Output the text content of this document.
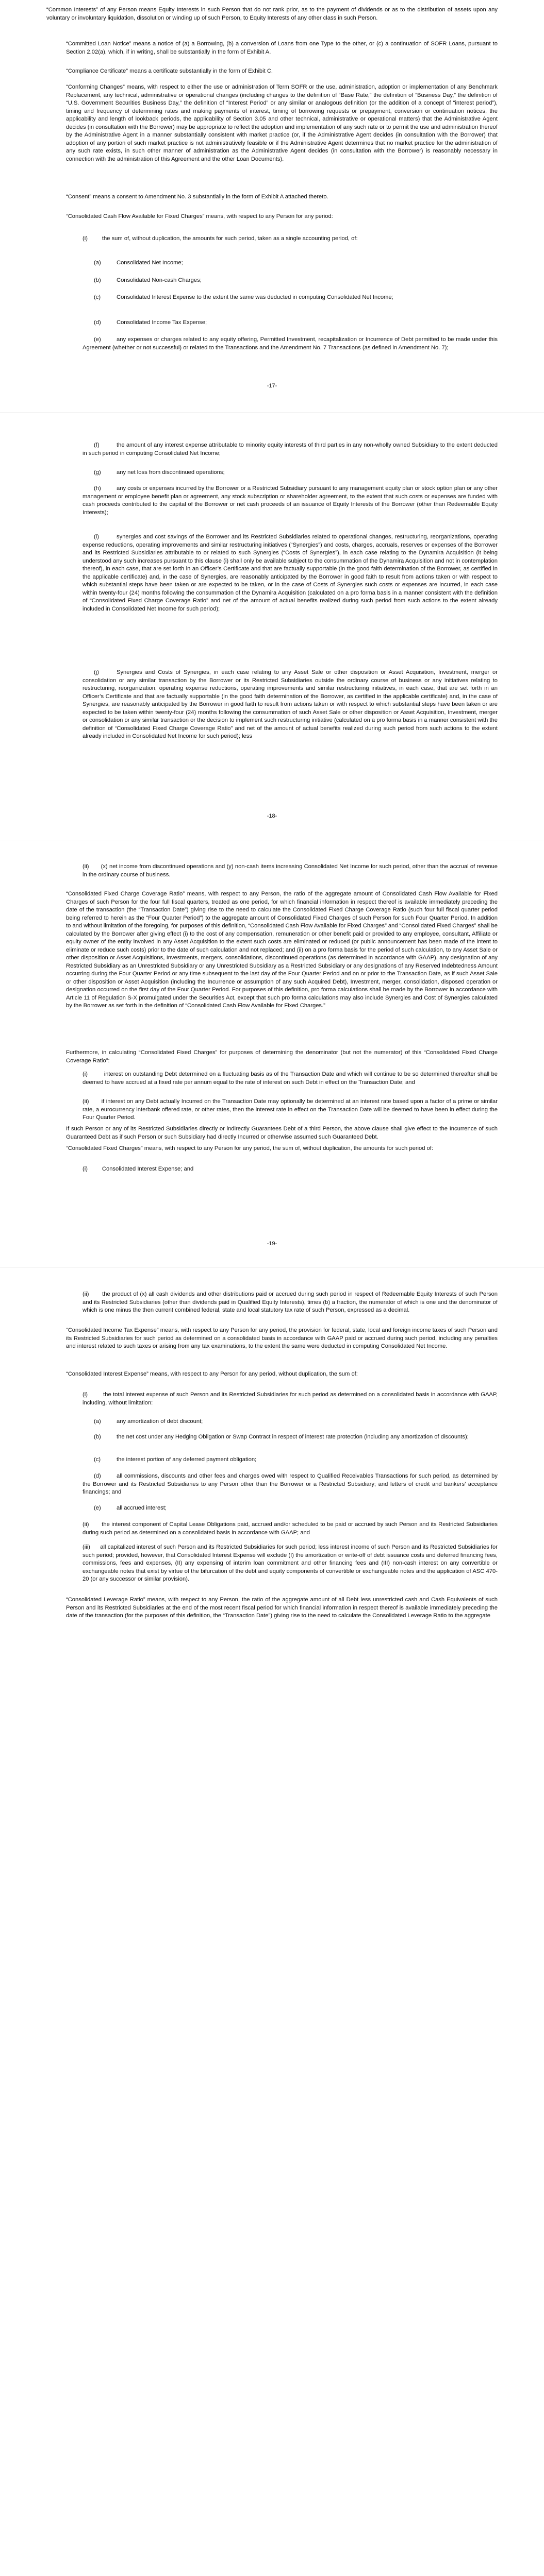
“Common Interests” of any Person means Equity Interests in such Person that do not rank prior, as to the payment of dividends or as to the distribution of assets upon any voluntary or involuntary liquidation, dissolution or winding up of such Person, to Equity Interests of any other class in such Person.

“Committed Loan Notice” means a notice of (a) a Borrowing, (b) a conversion of Loans from one Type to the other, or (c) a continuation of SOFR Loans, pursuant to Section 2.02(a), which, if in writing, shall be substantially in the form of Exhibit A.

“Compliance Certificate” means a certificate substantially in the form of Exhibit C.

“Conforming Changes” means, with respect to either the use or administration of Term SOFR or the use, administration, adoption or implementation of any Benchmark Replacement, any technical, administrative or operational changes (including changes to the definition of “Base Rate,” the definition of “Business Day,” the definition of “U.S. Government Securities Business Day,” the definition of “Interest Period” or any similar or analogous definition (or the addition of a concept of “interest period”), timing and frequency of determining rates and making payments of interest, timing of borrowing requests or prepayment, conversion or continuation notices, the applicability and length of lookback periods, the applicability of Section 3.05 and other technical, administrative or operational matters) that the Administrative Agent decides (in consultation with the Borrower) may be appropriate to reflect the adoption and implementation of any such rate or to permit the use and administration thereof by the Administrative Agent in a manner substantially consistent with market practice (or, if the Administrative Agent decides (in consultation with the Borrower) that adoption of any portion of such market practice is not administratively feasible or if the Administrative Agent determines that no market practice for the administration of any such rate exists, in such other manner of administration as the Administrative Agent decides (in consultation with the Borrower) is reasonably necessary in connection with the administration of this Agreement and the other Loan Documents).

“Consent” means a consent to Amendment No. 3 substantially in the form of Exhibit A attached thereto.

“Consolidated Cash Flow Available for Fixed Charges” means, with respect to any Person for any period:

(i)         the sum of, without duplication, the amounts for such period, taken as a single accounting period, of:

(a)	Consolidated Net Income;
(b)	Consolidated Non-cash Charges;
(c)	Consolidated Interest Expense to the extent the same was deducted in computing Consolidated Net Income;

(d)	Consolidated Income Tax Expense;
(e)	any expenses or charges related to any equity offering, Permitted Investment, recapitalization or Incurrence of Debt permitted to be made under this Agreement (whether or not successful) or related to the Transactions and the Amendment No. 7 Transactions (as defined in Amendment No. 7);

-17-
(f)	the amount of any interest expense attributable to minority equity interests of third parties in any non-wholly owned Subsidiary to the extent deducted in such period in computing Consolidated Net Income;

(g)	any net loss from discontinued operations;
(h)	any costs or expenses incurred by the Borrower or a Restricted Subsidiary pursuant to any management equity plan or stock option plan or any other management or employee benefit plan or agreement, any stock subscription or shareholder agreement, to the extent that such costs or expenses are funded with cash proceeds contributed to the capital of the Borrower or net cash proceeds of an issuance of Equity Interests of the Borrower (other than Redeemable Equity Interests);

(i)	synergies and cost savings of the Borrower and its Restricted Subsidiaries related to operational changes, restructuring, reorganizations, operating expense reductions, operating improvements and similar restructuring initiatives (“Synergies”) and costs, charges, accruals, reserves or expenses of the Borrower and its Restricted Subsidiaries attributable to or related to such Synergies (“Costs of Synergies”), in each case relating to the Dynamira Acquisition (it being understood any such increases pursuant to this clause (i) shall only be available subject to the consummation of the Dynamira Acquisition and not in contemplation thereof), in each case, that are set forth in an Officer’s Certificate and that are factually supportable (in the good faith determination of the Borrower, as certified in the applicable certificate) and, in the case of Synergies, are reasonably anticipated by the Borrower in good faith to result from actions taken or with respect to which substantial steps have been taken or are expected to be taken, or in the case of Costs of Synergies such costs or expenses are incurred, in each case within twenty-four (24) months following the consummation of the Dynamira Acquisition (calculated on a pro forma basis in a manner consistent with the definition of “Consolidated Fixed Charge Coverage Ratio” and net of the amount of actual benefits realized during such period from such actions to the extent already included in Consolidated Net Income for such period);

(j)	Synergies and Costs of Synergies, in each case relating to any Asset Sale or other disposition or Asset Acquisition, Investment, merger or consolidation or any similar transaction by the Borrower or its Restricted Subsidiaries outside the ordinary course of business or any initiatives relating to restructuring, reorganization, operating expense reductions, operating improvements and similar restructuring initiatives, in each case, that are set forth in an Officer’s Certificate and that are factually supportable (in the good faith determination of the Borrower, as certified in the applicable certificate) and, in the case of Synergies, are reasonably anticipated by the Borrower in good faith to result from actions taken or with respect to which substantial steps have been taken or are expected to be taken within twenty-four (24) months following the consummation of such Asset Sale or other disposition or Asset Acquisition, Investment, merger or consolidation or any similar transaction or the decision to implement such restructuring initiative (calculated on a pro forma basis in a manner consistent with the definition of “Consolidated Fixed Charge Coverage Ratio” and net of the amount of actual benefits realized during such period from such actions to the extent already included in Consolidated Net Income for such period); less

-18-

(ii)       (x) net income from discontinued operations and (y) non-cash items increasing Consolidated Net Income for such period, other than the accrual of revenue in the ordinary course of business.

“Consolidated Fixed Charge Coverage Ratio” means, with respect to any Person, the ratio of the aggregate amount of Consolidated Cash Flow Available for Fixed Charges of such Person for the four full fiscal quarters, treated as one period, for which financial information in respect thereof is available immediately preceding the date of the transaction (the “Transaction Date”) giving rise to the need to calculate the Consolidated Fixed Charge Coverage Ratio (such four full fiscal quarter period being referred to herein as the “Four Quarter Period”) to the aggregate amount of Consolidated Fixed Charges of such Person for such Four Quarter Period. In addition to and without limitation of the foregoing, for purposes of this definition, “Consolidated Cash Flow Available for Fixed Charges” and “Consolidated Fixed Charges” shall be calculated by the Borrower after giving effect (i) to the cost of any compensation, remuneration or other benefit paid or provided to any employee, consultant, Affiliate or equity owner of the entity involved in any Asset Acquisition to the extent such costs are eliminated or reduced (or public announcement has been made of the intent to eliminate or reduce such costs) prior to the date of such calculation and not replaced; and (ii) on a pro forma basis for the period of such calculation, to any Asset Sale or other disposition or Asset Acquisitions, Investments, mergers, consolidations, discontinued operations (as determined in accordance with GAAP), any designation of any Restricted Subsidiary as an Unrestricted Subsidiary or any Unrestricted Subsidiary as a Restricted Subsidiary or any designations of any Reserved Indebtedness Amount occurring during the Four Quarter Period or any time subsequent to the last day of the Four Quarter Period and on or prior to the Transaction Date, as if such Asset Sale or other disposition or Asset Acquisition (including the Incurrence or assumption of any such Acquired Debt), Investment, merger, consolidation, disposed operation or designation occurred on the first day of the Four Quarter Period. For purposes of this definition, pro forma calculations shall be made by the Borrower in accordance with Article 11 of Regulation S-X promulgated under the Securities Act, except that such pro forma calculations may also include Synergies and Cost of Synergies calculated by the Borrower as set forth in the definition of “Consolidated Cash Flow Available for Fixed Charges.”

Furthermore, in calculating “Consolidated Fixed Charges” for purposes of determining the denominator (but not the numerator) of this “Consolidated Fixed Charge Coverage Ratio”:

(i)         interest on outstanding Debt determined on a fluctuating basis as of the Transaction Date and which will continue to be so determined thereafter shall be deemed to have accrued at a fixed rate per annum equal to the rate of interest on such Debt in effect on the Transaction Date; and

(ii)       if interest on any Debt actually Incurred on the Transaction Date may optionally be determined at an interest rate based upon a factor of a prime or similar rate, a eurocurrency interbank offered rate, or other rates, then the interest rate in effect on the Transaction Date will be deemed to have been in effect during the Four Quarter Period.

If such Person or any of its Restricted Subsidiaries directly or indirectly Guarantees Debt of a third Person, the above clause shall give effect to the Incurrence of such Guaranteed Debt as if such Person or such Subsidiary had directly Incurred or otherwise assumed such Guaranteed Debt.

“Consolidated Fixed Charges” means, with respect to any Person for any period, the sum of, without duplication, the amounts for such period of:

(i)         Consolidated Interest Expense; and

-19-

(ii)       the product of (x) all cash dividends and other distributions paid or accrued during such period in respect of Redeemable Equity Interests of such Person and its Restricted Subsidiaries (other than dividends paid in Qualified Equity Interests), times (b) a fraction, the numerator of which is one and the denominator of which is one minus the then current combined federal, state and local statutory tax rate of such Person, expressed as a decimal.

“Consolidated Income Tax Expense” means, with respect to any Person for any period, the provision for federal, state, local and foreign income taxes of such Person and its Restricted Subsidiaries for such period as determined on a consolidated basis in accordance with GAAP paid or accrued during such period, including any penalties and interest related to such taxes or arising from any tax examinations, to the extent the same were deducted in computing Consolidated Net Income.

“Consolidated Interest Expense” means, with respect to any Person for any period, without duplication, the sum of:

(i)         the total interest expense of such Person and its Restricted Subsidiaries for such period as determined on a consolidated basis in accordance with GAAP, including, without limitation:

(a)	any amortization of debt discount;
(b)	the net cost under any Hedging Obligation or Swap Contract in respect of interest rate protection (including any amortization of discounts);

(c)	the interest portion of any deferred payment obligation;
(d)	all commissions, discounts and other fees and charges owed with respect to Qualified Receivables Transactions for such period, as determined by the Borrower and its Restricted Subsidiaries to any Person other than the Borrower or a Restricted Subsidiary; and letters of credit and bankers’ acceptance financings; and

(e)	all accrued interest;

(ii)       the interest component of Capital Lease Obligations paid, accrued and/or scheduled to be paid or accrued by such Person and its Restricted Subsidiaries during such period as determined on a consolidated basis in accordance with GAAP; and

(iii)      all capitalized interest of such Person and its Restricted Subsidiaries for such period; less interest income of such Person and its Restricted Subsidiaries for such period; provided, however, that Consolidated Interest Expense will exclude (I) the amortization or write-off of debt issuance costs and deferred financing fees, commissions, fees and expenses, (II) any expensing of interim loan commitment and other financing fees and (III) non-cash interest on any convertible or exchangeable notes that exist by virtue of the bifurcation of the debt and equity components of convertible or exchangeable notes and the application of ASC 470-20 (or any successor or similar provision).

“Consolidated Leverage Ratio” means, with respect to any Person, the ratio of the aggregate amount of all Debt less unrestricted cash and Cash Equivalents of such Person and its Restricted Subsidiaries at the end of the most recent fiscal period for which financial information in respect thereof is available immediately preceding the date of the transaction (for the purposes of this definition, the “Transaction Date”) giving rise to the need to calculate the Consolidated Leverage Ratio to the aggregate
